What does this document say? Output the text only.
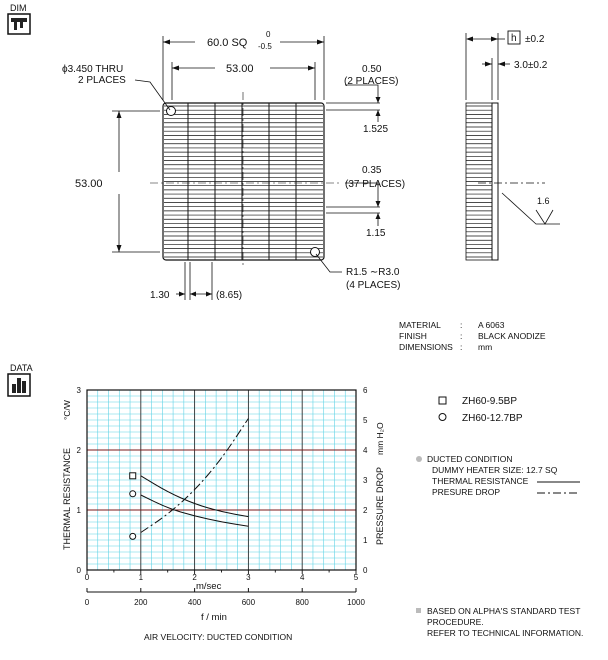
DIM
60.0 SQ
0
-0.5
53.00
ϕ3.450 THRU
2 PLACES
0.50
(2 PLACES)
1.525
0.35
(37 PLACES)
1.15
53.00
R1.5 ∼R3.0
(4 PLACES)
1.30	(8.65)
h ±0.2
3.0±0.2
1.6
MATERIAL : A 6063
FINISH	: BLACK ANODIZE
DIMENSIONS : mm
DATA
0
1
2
3
0
1
2
3
4
5
6
0	1	2	3	4	5
0	200	400	600	800	1000
THERMAL RESISTANCE
°C/W
PRESSURE DROP
mm H₂O
m/sec
f / min
AIR VELOCITY: DUCTED CONDITION
ZH60-9.5BP
ZH60-12.7BP
DUCTED CONDITION
DUMMY HEATER SIZE: 12.7 SQ
THERMAL RESISTANCE
PRESURE DROP
BASED ON ALPHA'S STANDARD TEST
PROCEDURE.
REFER TO TECHNICAL INFORMATION.
